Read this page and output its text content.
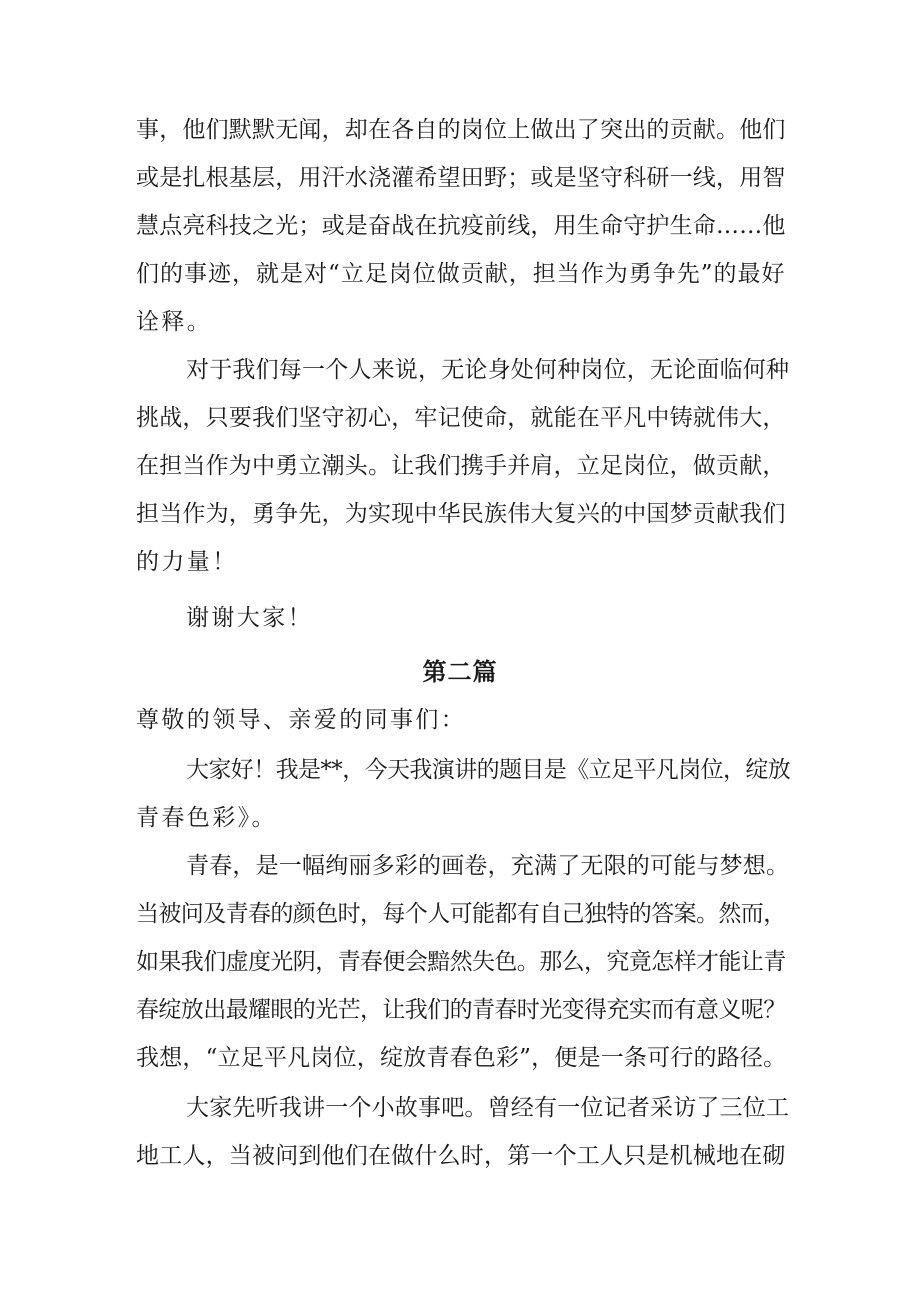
事，他们默默无闻，却在各自的岗位上做出了突出的贡献。他们
或是扎根基层，用汗水浇灌希望田野；或是坚守科研一线，用智
慧点亮科技之光；或是奋战在抗疫前线，用生命守护生命……他
们的事迹，就是对“立足岗位做贡献，担当作为勇争先”的最好
诠释。
对于我们每一个人来说，无论身处何种岗位，无论面临何种
挑战，只要我们坚守初心，牢记使命，就能在平凡中铸就伟大，
在担当作为中勇立潮头。让我们携手并肩，立足岗位，做贡献，
担当作为，勇争先，为实现中华民族伟大复兴的中国梦贡献我们
的力量！
谢谢大家！
第二篇
尊敬的领导、亲爱的同事们：
大家好！我是**，今天我演讲的题目是《立足平凡岗位，绽放
青春色彩》。
青春，是一幅绚丽多彩的画卷，充满了无限的可能与梦想。
当被问及青春的颜色时，每个人可能都有自己独特的答案。然而，
如果我们虚度光阴，青春便会黯然失色。那么，究竟怎样才能让青
春绽放出最耀眼的光芒，让我们的青春时光变得充实而有意义呢？
我想，“立足平凡岗位，绽放青春色彩”，便是一条可行的路径。
大家先听我讲一个小故事吧。曾经有一位记者采访了三位工
地工人，当被问到他们在做什么时，第一个工人只是机械地在砌
